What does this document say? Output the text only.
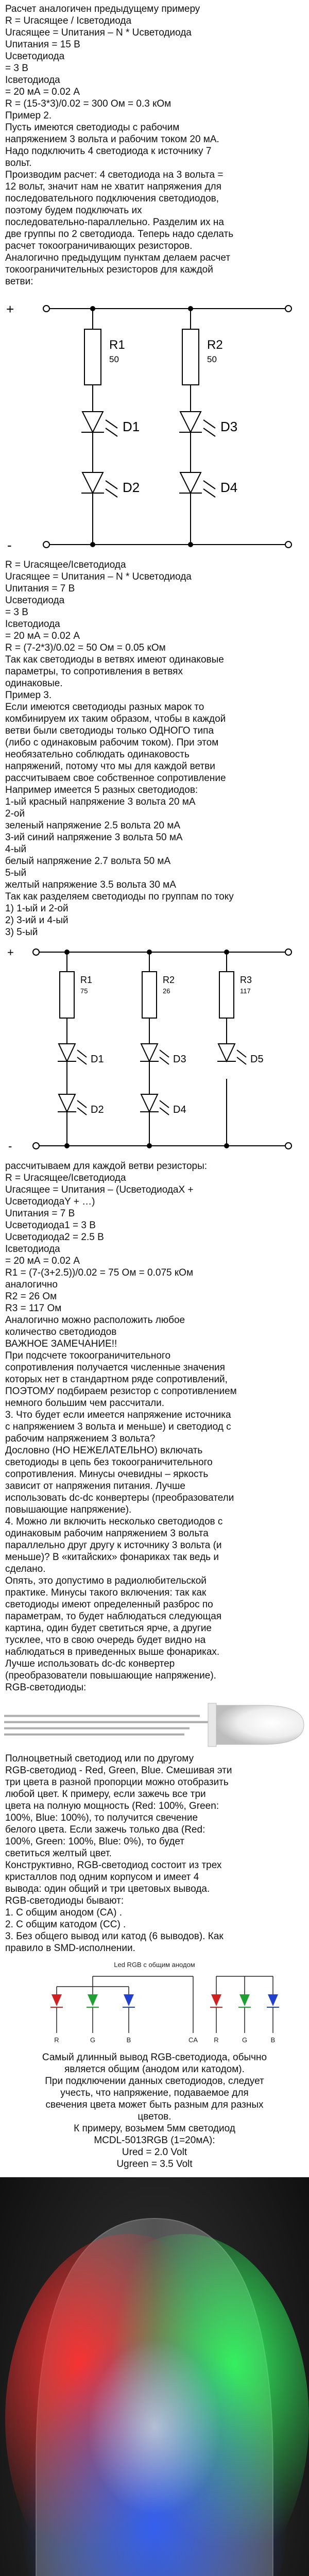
Расчет аналогичен предыдущему примеру
R = Uгасящее / Iсветодиода
Uгасящее = Uпитания – N * Uсветодиода
Uпитания = 15 В
Uсветодиода
= 3 В
Iсветодиода
= 20 мА = 0.02 А
R = (15-3*3)/0.02 = 300 Ом = 0.3 кОм
Пример 2.
Пусть имеются светодиоды с рабочим
напряжением 3 вольта и рабочим током 20 мА.
Надо подключить 4 светодиода к источнику 7
вольт.
Производим расчет: 4 светодиода на 3 вольта =
12 вольт, значит нам не хватит напряжения для
последовательного подключения светодиодов,
поэтому будем подключать их
последовательно-параллельно. Разделим их на
две группы по 2 светодиода. Теперь надо сделать
расчет токоограничивающих резисторов.
Аналогично предыдущим пунктам делаем расчет
токоограничительных резисторов для каждой
ветви:
R1
50
R2
50
D1
D2
D3
D4
+
-
R = Uгасящее/Iсветодиода
Uгасящее = Uпитания – N * Uсветодиода
Uпитания = 7 В
Uсветодиода
= 3 В
Iсветодиода
= 20 мА = 0.02 А
R = (7-2*3)/0.02 = 50 Ом = 0.05 кОм
Так как светодиоды в ветвях имеют одинаковые
параметры, то сопротивления в ветвях
одинаковые.
Пример 3.
Если имеются светодиоды разных марок то
комбинируем их таким образом, чтобы в каждой
ветви были светодиоды только ОДНОГО типа
(либо с одинаковым рабочим током). При этом
необязательно соблюдать одинаковость
напряжений, потому что мы для каждой ветви
рассчитываем свое собственное сопротивление
Например имеется 5 разных светодиодов:
1-ый красный напряжение 3 вольта 20 мА
2-ой
зеленый напряжение 2.5 вольта 20 мА
3-ий синий напряжение 3 вольта 50 мА
4-ый
белый напряжение 2.7 вольта 50 мА
5-ый
желтый напряжение 3.5 вольта 30 мА
Так как разделяем светодиоды по группам по току
1) 1-ый и 2-ой
2) 3-ий и 4-ый
3) 5-ый
R1
75
R2
26
R3
117
D1
D2
D3
D4
D5
+
-
рассчитываем для каждой ветви резисторы:
R = Uгасящее/Iсветодиода
Uгасящее = Uпитания – (UсветодиодаX +
UсветодиодаY + …)
Uпитания = 7 В
Uсветодиода1 = 3 В
Uсветодиода2 = 2.5 В
Iсветодиода
= 20 мА = 0.02 А
R1 = (7-(3+2.5))/0.02 = 75 Ом = 0.075 кОм
аналогично
R2 = 26 Ом
R3 = 117 Ом
Аналогично можно расположить любое
количество светодиодов
ВАЖНОЕ ЗАМЕЧАНИЕ!!
При подсчете токоограничительного
сопротивления получается численные значения
которых нет в стандартном ряде сопротивлений,
ПОЭТОМУ подбираем резистор с сопротивлением
немного большим чем рассчитали.
3. Что будет если имеется напряжение источника
с напряжением 3 вольта и меньше) и светодиод с
рабочим напряжением 3 вольта?
Дословно (НО НЕЖЕЛАТЕЛЬНО) включать
светодиоды в цепь без токоограничительного
сопротивления. Минусы очевидны – яркость
зависит от напряжения питания. Лучше
использовать dc-dc конвертеры (преобразователи
повышающие напряжение).
4. Можно ли включить несколько светодиодов с
одинаковым рабочим напряжением 3 вольта
параллельно друг другу к источнику 3 вольта (и
меньше)? В «китайских» фонариках так ведь и
сделано.
Опять, это допустимо в радиолюбительской
практике. Минусы такого включения: так как
светодиоды имеют определенный разброс по
параметрам, то будет наблюдаться следующая
картина, один будет светиться ярче, а другие
тусклее, что в свою очередь будет видно на
наблюдаться в приведенных выше фонариках.
Лучше использовать dc-dc конвертер
(преобразователи повышающие напряжение).
RGB-светодиоды:
Полноцветный светодиод или по другому
RGB-светодиод - Red, Green, Blue. Смешивая эти
три цвета в разной пропорции можно отобразить
любой цвет. К примеру, если зажечь все три
цвета на полную мощность (Red: 100%, Green:
100%, Blue: 100%), то получится свечение
белого цвета. Если зажечь только два (Red:
100%, Green: 100%, Blue: 0%), то будет
светиться желтый цвет.
Конструктивно, RGB-светодиод состоит из трех
кристаллов под одним корпусом и имеет 4
вывода: один общий и три цветовых вывода.
RGB-светодиоды бывают:
1. С общим анодом (CA) .
2. С общим катодом (CC) .
3. Без общего вывод или катод (6 выводов). Как
правило в SMD-исполнении.
Led RGB с общим анодом
R	G	B	CA R	G	B
Самый длинный вывод RGB-светодиода, обычно
является общим (анодом или катодом).
При подключении данных светодиодов, следует
учесть, что напряжение, подаваемое для
свечения цвета может быть разным для разных
цветов.
К примеру, возьмем 5мм светодиод
MCDL-5013RGB (1=20мА):
Ured = 2.0 Volt
Ugreen = 3.5 Volt
